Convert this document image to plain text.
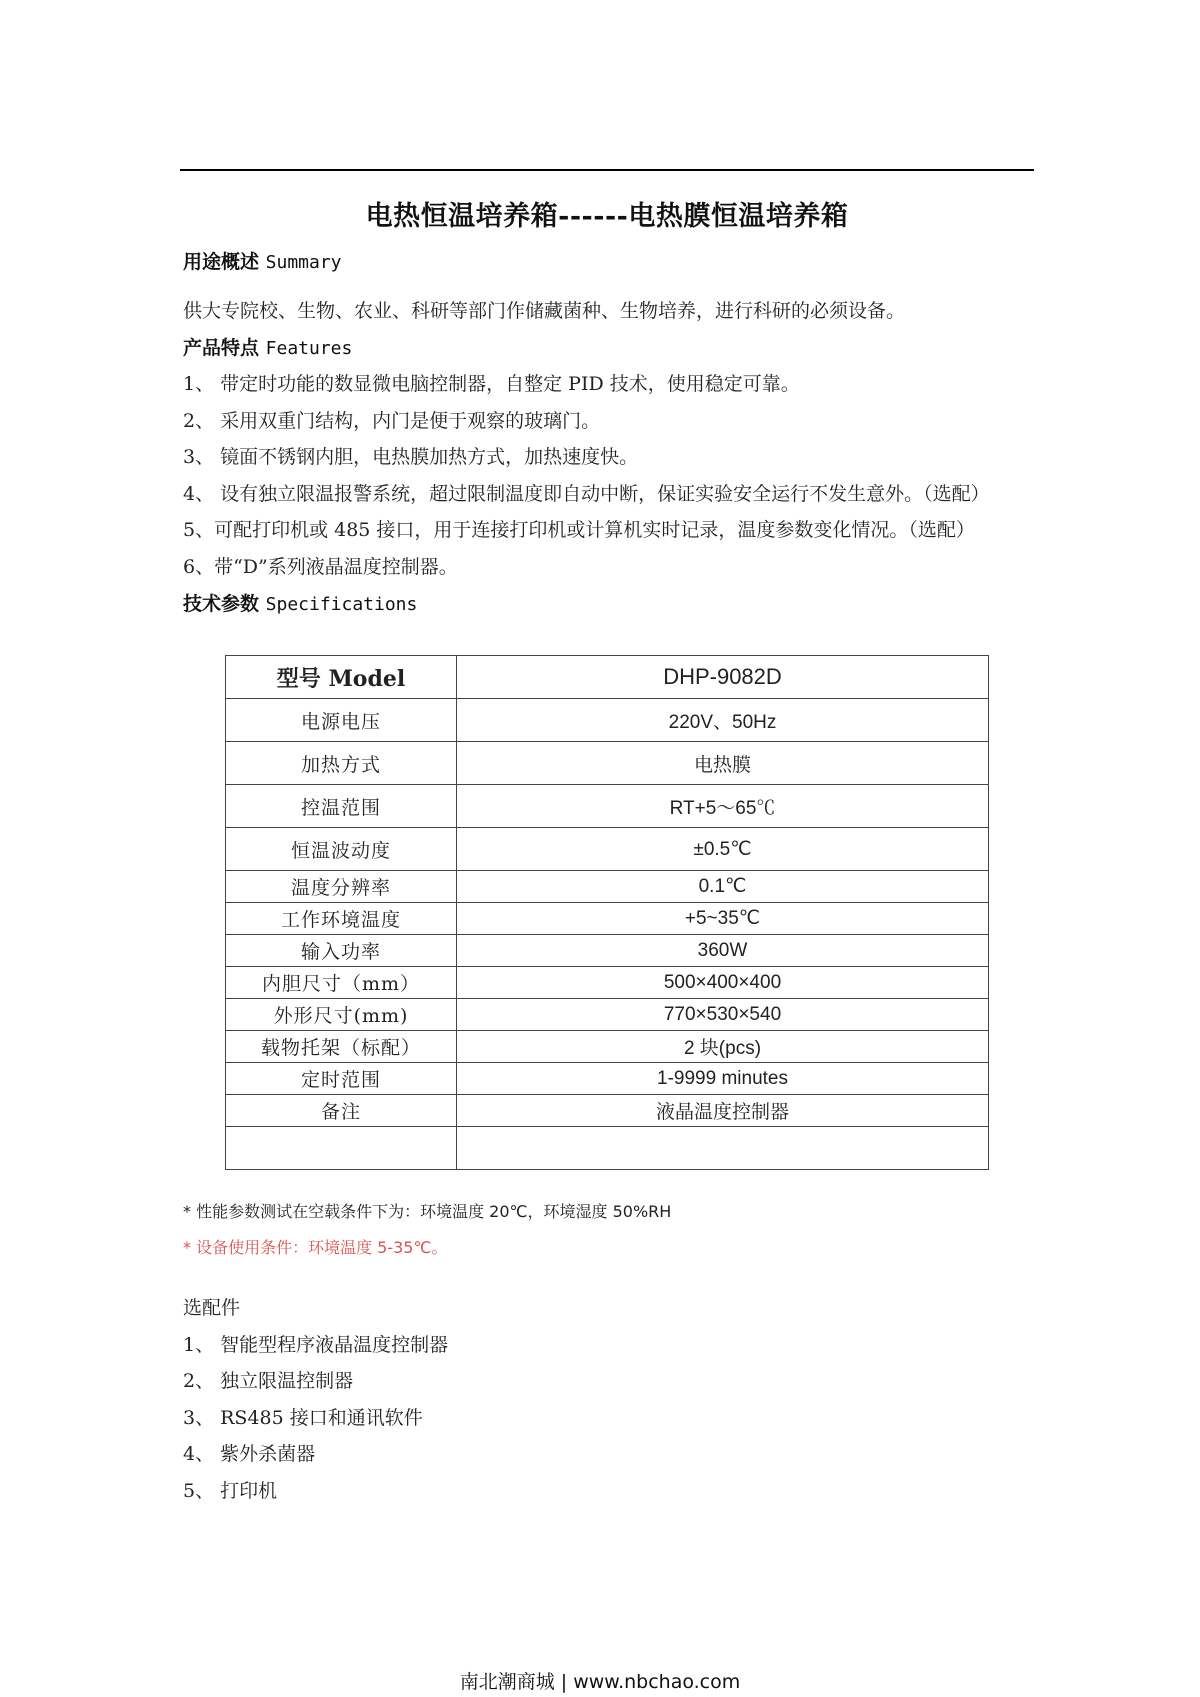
电热恒温培养箱------电热膜恒温培养箱
用途概述 Summary
供大专院校、生物、农业、科研等部门作储藏菌种、生物培养，进行科研的必须设备。
产品特点 Features
1、 带定时功能的数显微电脑控制器，自整定 PID 技术，使用稳定可靠。
2、 采用双重门结构，内门是便于观察的玻璃门。
3、 镜面不锈钢内胆，电热膜加热方式，加热速度快。
4、 设有独立限温报警系统，超过限制温度即自动中断，保证实验安全运行不发生意外。（选配）
5、可配打印机或 485 接口，用于连接打印机或计算机实时记录，温度参数变化情况。（选配）
6、带“D”系列液晶温度控制器。
技术参数 Specifications
型号 Model	DHP-9082D
电源电压	220V、50Hz
加热方式	电热膜
控温范围	RT+5～65℃
恒温波动度	±0.5℃
温度分辨率	0.1℃
工作环境温度	+5~35℃
输入功率	360W
内胆尺寸（mm）	500×400×400
外形尺寸(mm)	770×530×540
载物托架（标配）	2 块(pcs)
定时范围	1-9999 minutes
备注	液晶温度控制器

* 性能参数测试在空载条件下为：环境温度 20℃，环境湿度 50%RH
* 设备使用条件：环境温度 5-35℃。
选配件
1、 智能型程序液晶温度控制器
2、 独立限温控制器
3、 RS485 接口和通讯软件
4、 紫外杀菌器
5、 打印机
南北潮商城 | www.nbchao.com
